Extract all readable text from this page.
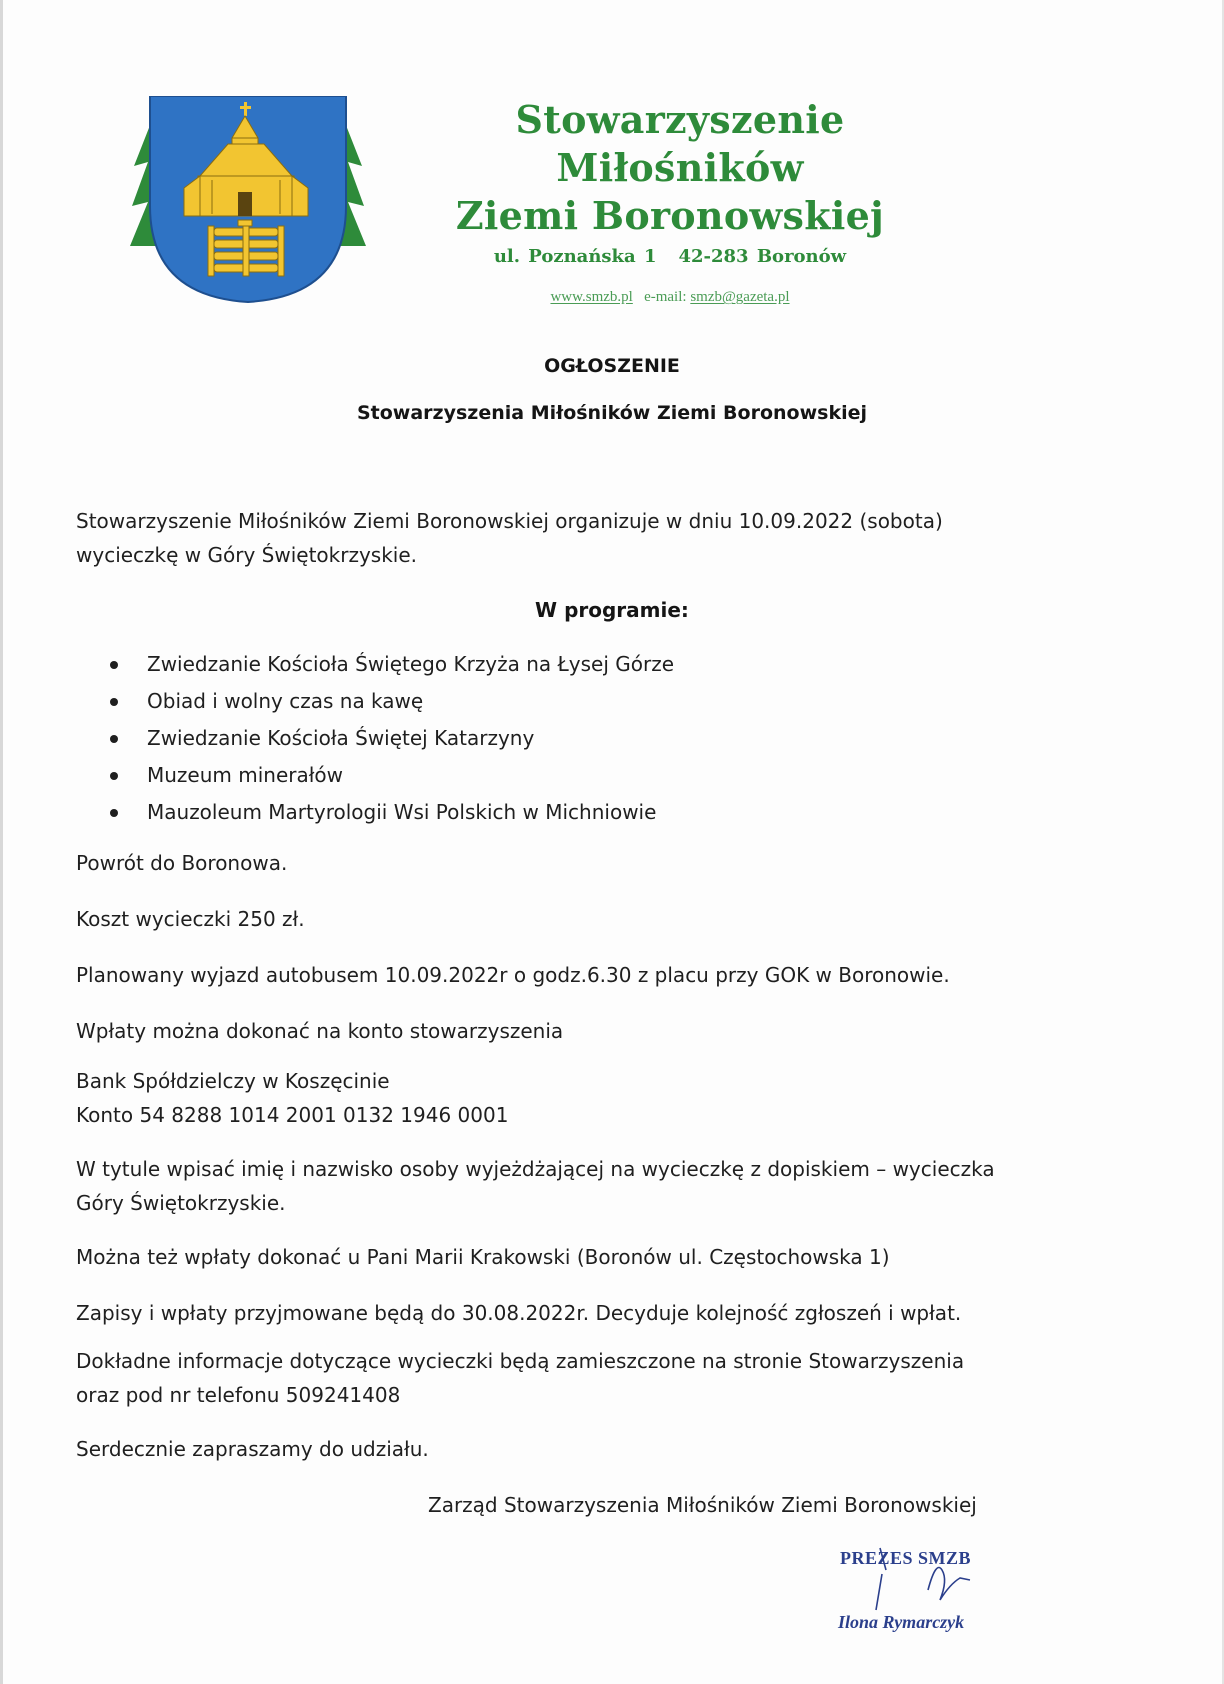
Stowarzyszenie Miłośników
Ziemi Boronowskiej
ul. Poznańska 1 42-283 Boronów
www.smzb.pl e-mail: smzb@gazeta.pl
OGŁOSZENIE
Stowarzyszenia Miłośników Ziemi Boronowskiej
Stowarzyszenie Miłośników Ziemi Boronowskiej organizuje w dniu 10.09.2022 (sobota)
wycieczkę w Góry Świętokrzyskie.
W programie:
Zwiedzanie Kościoła Świętego Krzyża na Łysej Górze
Obiad i wolny czas na kawę
Zwiedzanie Kościoła Świętej Katarzyny
Muzeum minerałów
Mauzoleum Martyrologii Wsi Polskich w Michniowie
Powrót do Boronowa.
Koszt wycieczki 250 zł.
Planowany wyjazd autobusem 10.09.2022r o godz.6.30 z placu przy GOK w Boronowie.
Wpłaty można dokonać na konto stowarzyszenia
Bank Spółdzielczy w Koszęcinie
Konto 54 8288 1014 2001 0132 1946 0001
W tytule wpisać imię i nazwisko osoby wyjeżdżającej na wycieczkę z dopiskiem – wycieczka
Góry Świętokrzyskie.
Można też wpłaty dokonać u Pani Marii Krakowski (Boronów ul. Częstochowska 1)
Zapisy i wpłaty przyjmowane będą do 30.08.2022r. Decyduje kolejność zgłoszeń i wpłat.
Dokładne informacje dotyczące wycieczki będą zamieszczone na stronie Stowarzyszenia
oraz pod nr telefonu 509241408
Serdecznie zapraszamy do udziału.
Zarząd Stowarzyszenia Miłośników Ziemi Boronowskiej
PREZES SMZB
Ilona Rymarczyk
